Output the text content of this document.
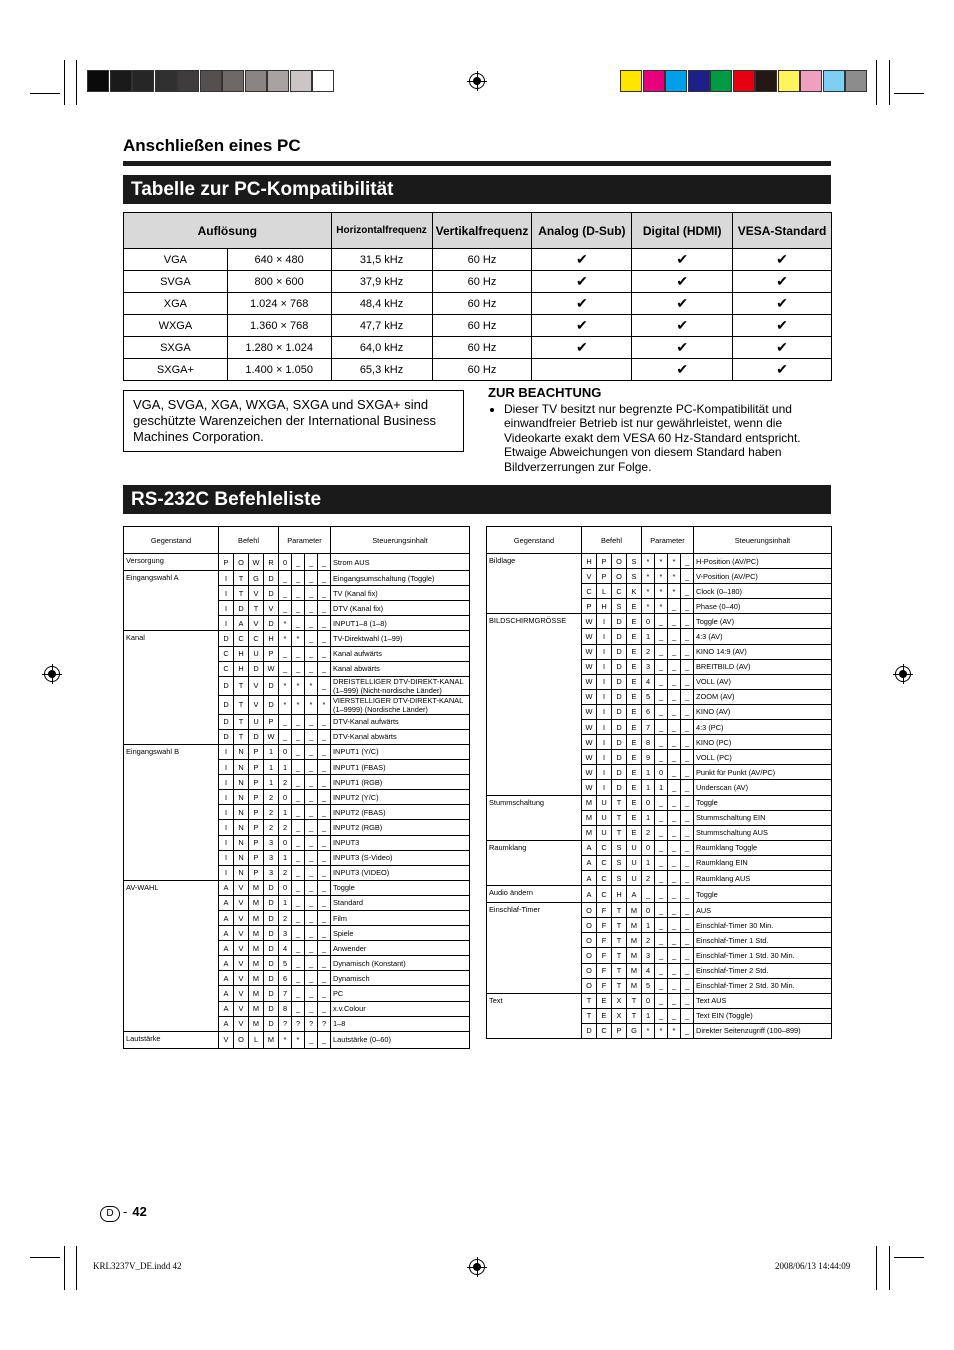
Anschließen eines PC
Tabelle zur PC-Kompatibilität
Auflösung		Horizontalfrequenz	Vertikalfrequenz	Analog (D-Sub)	Digital (HDMI)	VESA-Standard
VGA	640 × 480	31,5 kHz	60 Hz	✔	✔	✔
SVGA	800 × 600	37,9 kHz	60 Hz	✔	✔	✔
XGA	1.024 × 768	48,4 kHz	60 Hz	✔	✔	✔
WXGA	1.360 × 768	47,7 kHz	60 Hz	✔	✔	✔
SXGA	1.280 × 1.024	64,0 kHz	60 Hz	✔	✔	✔
SXGA+	1.400 × 1.050	65,3 kHz	60 Hz		✔	✔
VGA, SVGA, XGA, WXGA, SXGA und SXGA+ sind geschützte Warenzeichen der International Business Machines Corporation.
ZUR BEACHTUNG
• Dieser TV besitzt nur begrenzte PC-Kompatibilität und einwandfreier Betrieb ist nur gewährleistet, wenn die Videokarte exakt dem VESA 60 Hz-Standard entspricht. Etwaige Abweichungen von diesem Standard haben Bildverzerrungen zur Folge.
RS-232C Befehleliste
Gegenstand	Befehl				Parameter				Steuerungsinhalt
Versorgung	P	O	W	R	0	_	_	_	Strom AUS
Eingangswahl A	I	T	G	D	_	_	_	_	Eingangsumschaltung (Toggle)
	I	T	V	D	_	_	_	_	TV (Kanal fix)
	I	D	T	V	_	_	_	_	DTV (Kanal fix)
	I	A	V	D	*	_	_	_	INPUT1–8 (1–8)
Kanal	D	C	C	H	*	*	_	_	TV-Direktwahl (1–99)
	C	H	U	P	_	_	_	_	Kanal aufwärts
	C	H	D	W	_	_	_	_	Kanal abwärts
	D	T	V	D	*	*	*	_	DREISTELLIGER DTV-DIREKT-KANAL (1–999) (Nicht-nordische Länder)
	D	T	V	D	*	*	*	*	VIERSTELLIGER DTV-DIREKT-KANAL (1–9999) (Nordische Länder)
	D	T	U	P	_	_	_	_	DTV-Kanal aufwärts
	D	T	D	W	_	_	_	_	DTV-Kanal abwärts
Eingangswahl B	I	N	P	1	0	_	_	_	INPUT1 (Y/C)
	I	N	P	1	1	_	_	_	INPUT1 (FBAS)
	I	N	P	1	2	_	_	_	INPUT1 (RGB)
	I	N	P	2	0	_	_	_	INPUT2 (Y/C)
	I	N	P	2	1	_	_	_	INPUT2 (FBAS)
	I	N	P	2	2	_	_	_	INPUT2 (RGB)
	I	N	P	3	0	_	_	_	INPUT3
	I	N	P	3	1	_	_	_	INPUT3 (S-Video)
	I	N	P	3	2	_	_	_	INPUT3 (VIDEO)
AV-WAHL	A	V	M	D	0	_	_	_	Toggle
	A	V	M	D	1	_	_	_	Standard
	A	V	M	D	2	_	_	_	Film
	A	V	M	D	3	_	_	_	Spiele
	A	V	M	D	4	_	_	_	Anwender
	A	V	M	D	5	_	_	_	Dynamisch (Konstant)
	A	V	M	D	6	_	_	_	Dynamisch
	A	V	M	D	7	_	_	_	PC
	A	V	M	D	8	_	_	_	x.v.Colour
	A	V	M	D	?	?	?	?	1–8
Lautstärke	V	O	L	M	*	*	_	_	Lautstärke (0–60)
Gegenstand	Befehl				Parameter				Steuerungsinhalt
Bildlage	H	P	O	S	*	*	*	_	H-Position (AV/PC)
	V	P	O	S	*	*	*	_	V-Position (AV/PC)
	C	L	C	K	*	*	*	_	Clock (0–180)
	P	H	S	E	*	*	_	_	Phase (0–40)
BILDSCHIRMGRÖSSE	W	I	D	E	0	_	_	_	Toggle (AV)
	W	I	D	E	1	_	_	_	4:3 (AV)
	W	I	D	E	2	_	_	_	KINO 14:9 (AV)
	W	I	D	E	3	_	_	_	BREITBILD (AV)
	W	I	D	E	4	_	_	_	VOLL (AV)
	W	I	D	E	5	_	_	_	ZOOM (AV)
	W	I	D	E	6	_	_	_	KINO (AV)
	W	I	D	E	7	_	_	_	4:3 (PC)
	W	I	D	E	8	_	_	_	KINO (PC)
	W	I	D	E	9	_	_	_	VOLL (PC)
	W	I	D	E	1	0	_	_	Punkt für Punkt (AV/PC)
	W	I	D	E	1	1	_	_	Underscan (AV)
Stummschaltung	M	U	T	E	0	_	_	_	Toggle
	M	U	T	E	1	_	_	_	Stummschaltung EIN
	M	U	T	E	2	_	_	_	Stummschaltung AUS
Raumklang	A	C	S	U	0	_	_	_	Raumklang Toggle
	A	C	S	U	1	_	_	_	Raumklang EIN
	A	C	S	U	2	_	_	_	Raumklang AUS
Audio ändern	A	C	H	A	_	_	_	_	Toggle
Einschlaf-Timer	O	F	T	M	0	_	_	_	AUS
	O	F	T	M	1	_	_	_	Einschlaf-Timer 30 Min.
	O	F	T	M	2	_	_	_	Einschlaf-Timer 1 Std.
	O	F	T	M	3	_	_	_	Einschlaf-Timer 1 Std. 30 Min.
	O	F	T	M	4	_	_	_	Einschlaf-Timer 2 Std.
	O	F	T	M	5	_	_	_	Einschlaf-Timer 2 Std. 30 Min.
Text	T	E	X	T	0	_	_	_	Text AUS
	T	E	X	T	1	_	_	_	Text EIN (Toggle)
	D	C	P	G	*	*	*	_	Direkter Seitenzugriff (100–899)
D - 42
KRL3237V_DE.indd 42	2008/06/13 14:44:09
